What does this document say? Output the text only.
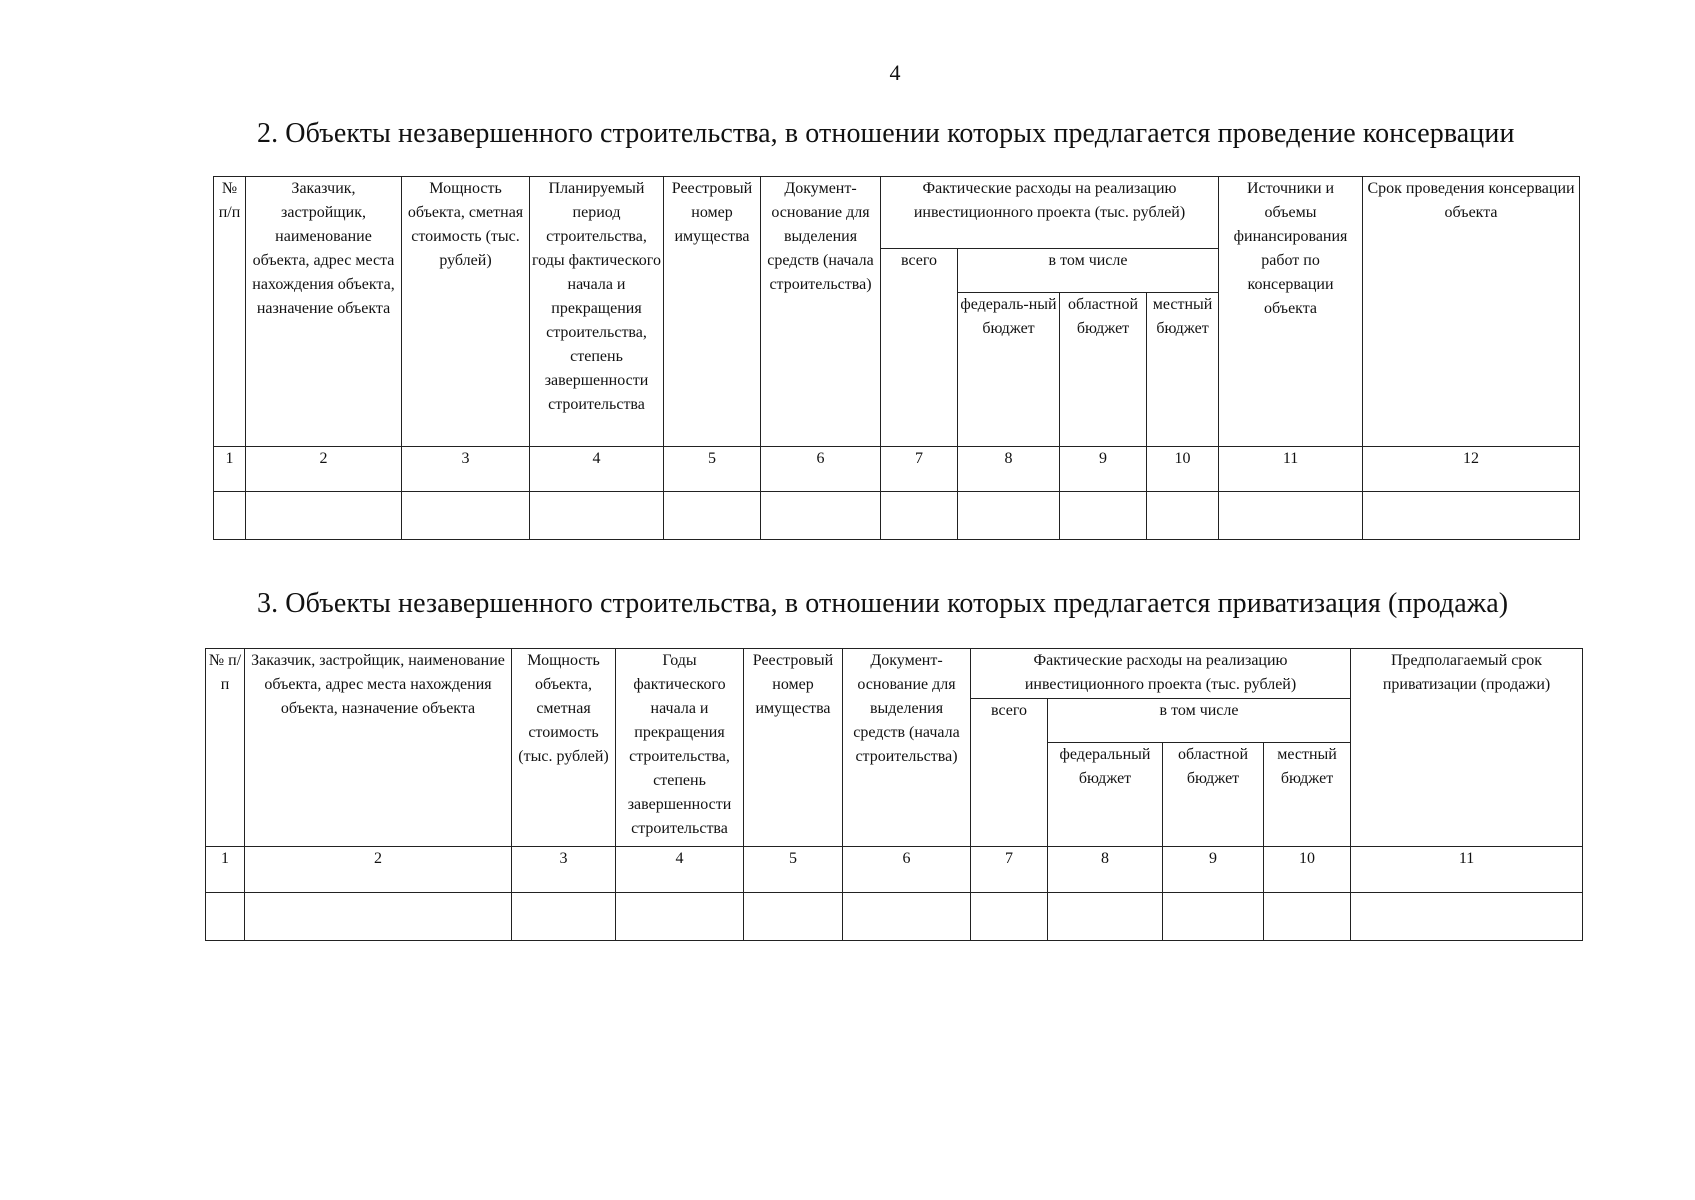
4
2. Объекты незавершенного строительства, в отношении которых предлагается проведение консервации
№ п/п	Заказчик, застройщик, наименование объекта, адрес места нахождения объекта, назначение объекта	Мощность объекта, сметная стоимость (тыс. рублей)	Планируемый период строительства, годы фактического начала и прекращения строительства, степень завершенности строительства	Реестровый номер имущества	Документ-основание для выделения средств (начала строительства)	Фактические расходы на реализацию инвестиционного проекта (тыс. рублей)				Источники и объемы финансирования работ по консервации объекта	Срок проведения консервации объекта
						всего	в том числе				
							федераль-ный бюджет	областной бюджет	местный бюджет		
1	2	3	4	5	6	7	8	9	10	11	12

3. Объекты незавершенного строительства, в отношении которых предлагается приватизация (продажа)
№ п/п	Заказчик, застройщик, наименование объекта, адрес места нахождения объекта, назначение объекта	Мощность объекта, сметная стоимость (тыс. рублей)	Годы фактического начала и прекращения строительства, степень завершенности строительства	Реестровый номер имущества	Документ-основание для выделения средств (начала строительства)	Фактические расходы на реализацию инвестиционного проекта (тыс. рублей)				Предполагаемый срок приватизации (продажи)
						всего	в том числе			
							федеральный бюджет	областной бюджет	местный бюджет	
1	2	3	4	5	6	7	8	9	10	11
